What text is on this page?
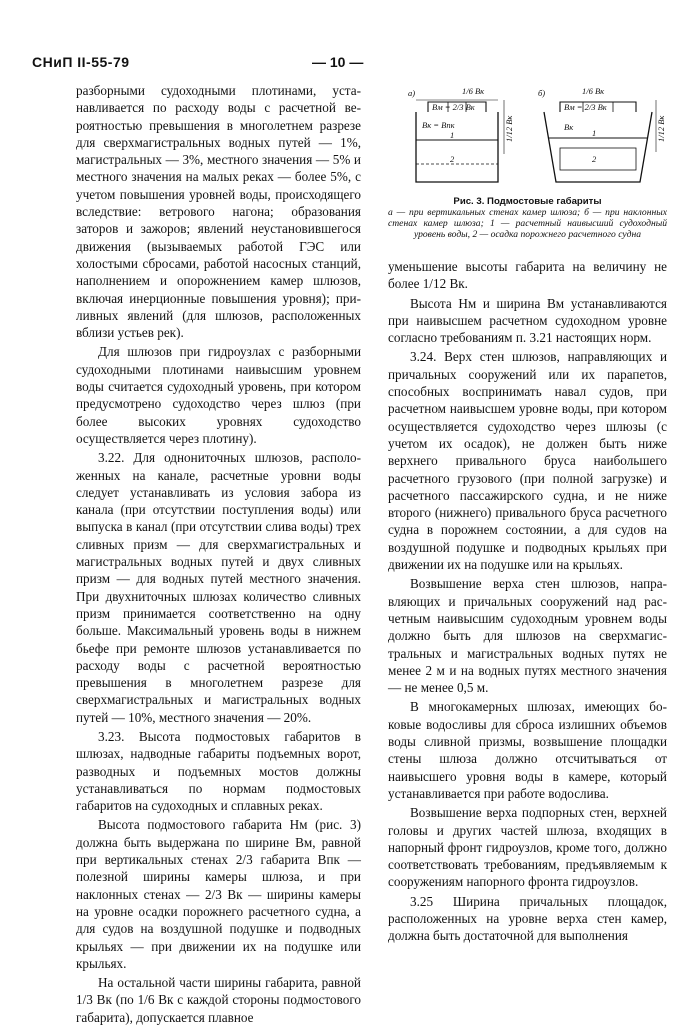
СНиП II-55-79	— 10 —

разборными судоходными плотинами, устанавливается по расходу воды с расчетной вероятностью превышения в многолетнем разрезе для сверхмагистральных водных путей — 1%, магистральных — 3%, местного значения — 5% и местного значения на малых реках — более 5%, с учетом повышения уровней воды, происходящего вследствие: ветрового нагона; образования заторов и зажоров; явлений неустановившегося движения (вызываемых работой ГЭС или холостыми сбросами, работой насосных станций, наполнением и опорожнением камер шлюзов, включая инерционные повышения уровня); приливных явлений (для шлюзов, расположенных вблизи устьев рек).

Для шлюзов при гидроузлах с разборными судоходными плотинами наивысшим уровнем воды считается судоходный уровень, при котором предусмотрено судоходство через шлюз (при более высоких уровнях судоходство осуществляется через плотину).

3.22. Для однониточных шлюзов, расположенных на канале, расчетные уровни воды следует устанавливать из условия забора из канала (при отсутствии поступления воды) или выпуска в канал (при отсутствии слива воды) трех сливных призм — для сверхмагистральных и магистральных водных путей и двух сливных призм — для водных путей местного значения. При двухниточных шлюзах количество сливных призм принимается соответственно на одну больше. Максимальный уровень воды в нижнем бьефе при ремонте шлюзов устанавливается по расходу воды с расчетной вероятностью превышения в многолетнем разрезе для сверхмагистральных и магистральных водных путей — 10%, местного значения — 20%.

3.23. Высота подмостовых габаритов в шлюзах, надводные габариты подъемных ворот, разводных и подъемных мостов должны устанавливаться по нормам подмостовых габаритов на судоходных и сплавных реках.

Высота подмостового габарита Hм (рис. 3) должна быть выдержана по ширине Bм, равной при вертикальных стенах 2/3 габарита Bпк — полезной ширины камеры шлюза, и при наклонных стенах — 2/3 Bк — ширины камеры на уровне осадки порожнего расчетного судна, а для судов на воздушной подушке и подводных крыльях — при движении их на подушке или крыльях.

На остальной части ширины габарита, равной 1/3 Bк (по 1/6 Bк с каждой стороны подмостового габарита), допускается плавное

а)	1/6 Bк
Bм = 2/3 Bк
Bк = Bпк
1
2
1/12 Bк
б)	1/6 Bк
Bм = 2/3 Bк
Bк
1
2
1/12 Bк
Рис. 3. Подмостовые габариты
а — при вертикальных стенах камер шлюза; б — при наклонных стенах камер шлюза; 1 — расчетный наивысший судоходный уровень воды, 2 — осадка порожнего расчетного судна

уменьшение высоты габарита на величину не более 1/12 Bк.

Высота Hм и ширина Bм устанавливаются при наивысшем расчетном судоходном уровне согласно требованиям п. 3.21 настоящих норм.

3.24. Верх стен шлюзов, направляющих и причальных сооружений или их парапетов, способных воспринимать навал судов, при расчетном наивысшем уровне воды, при котором осуществляется судоходство через шлюзы (с учетом их осадок), не должен быть ниже верхнего привального бруса наибольшего расчетного грузового (при полной загрузке) и расчетного пассажирского судна, и не ниже второго (нижнего) привального бруса расчетного судна в порожнем состоянии, а для судов на воздушной подушке и подводных крыльях при движении их на подушке или на крыльях.

Возвышение верха стен шлюзов, направляющих и причальных сооружений над расчетным наивысшим судоходным уровнем воды должно быть для шлюзов на сверхмагистральных и магистральных водных путях не менее 2 м и на водных путях местного значения — не менее 0,5 м.

В многокамерных шлюзах, имеющих боковые водосливы для сброса излишних объемов воды сливной призмы, возвышение площадки стены шлюза должно отсчитываться от наивысшего уровня воды в камере, который устанавливается при работе водослива.

Возвышение верха подпорных стен, верхней головы и других частей шлюза, входящих в напорный фронт гидроузлов, кроме того, должно соответствовать требованиям, предъявляемым к сооружениям напорного фронта гидроузлов.

3.25 Ширина причальных площадок, расположенных на уровне верха стен камер, должна быть достаточной для выполнения
